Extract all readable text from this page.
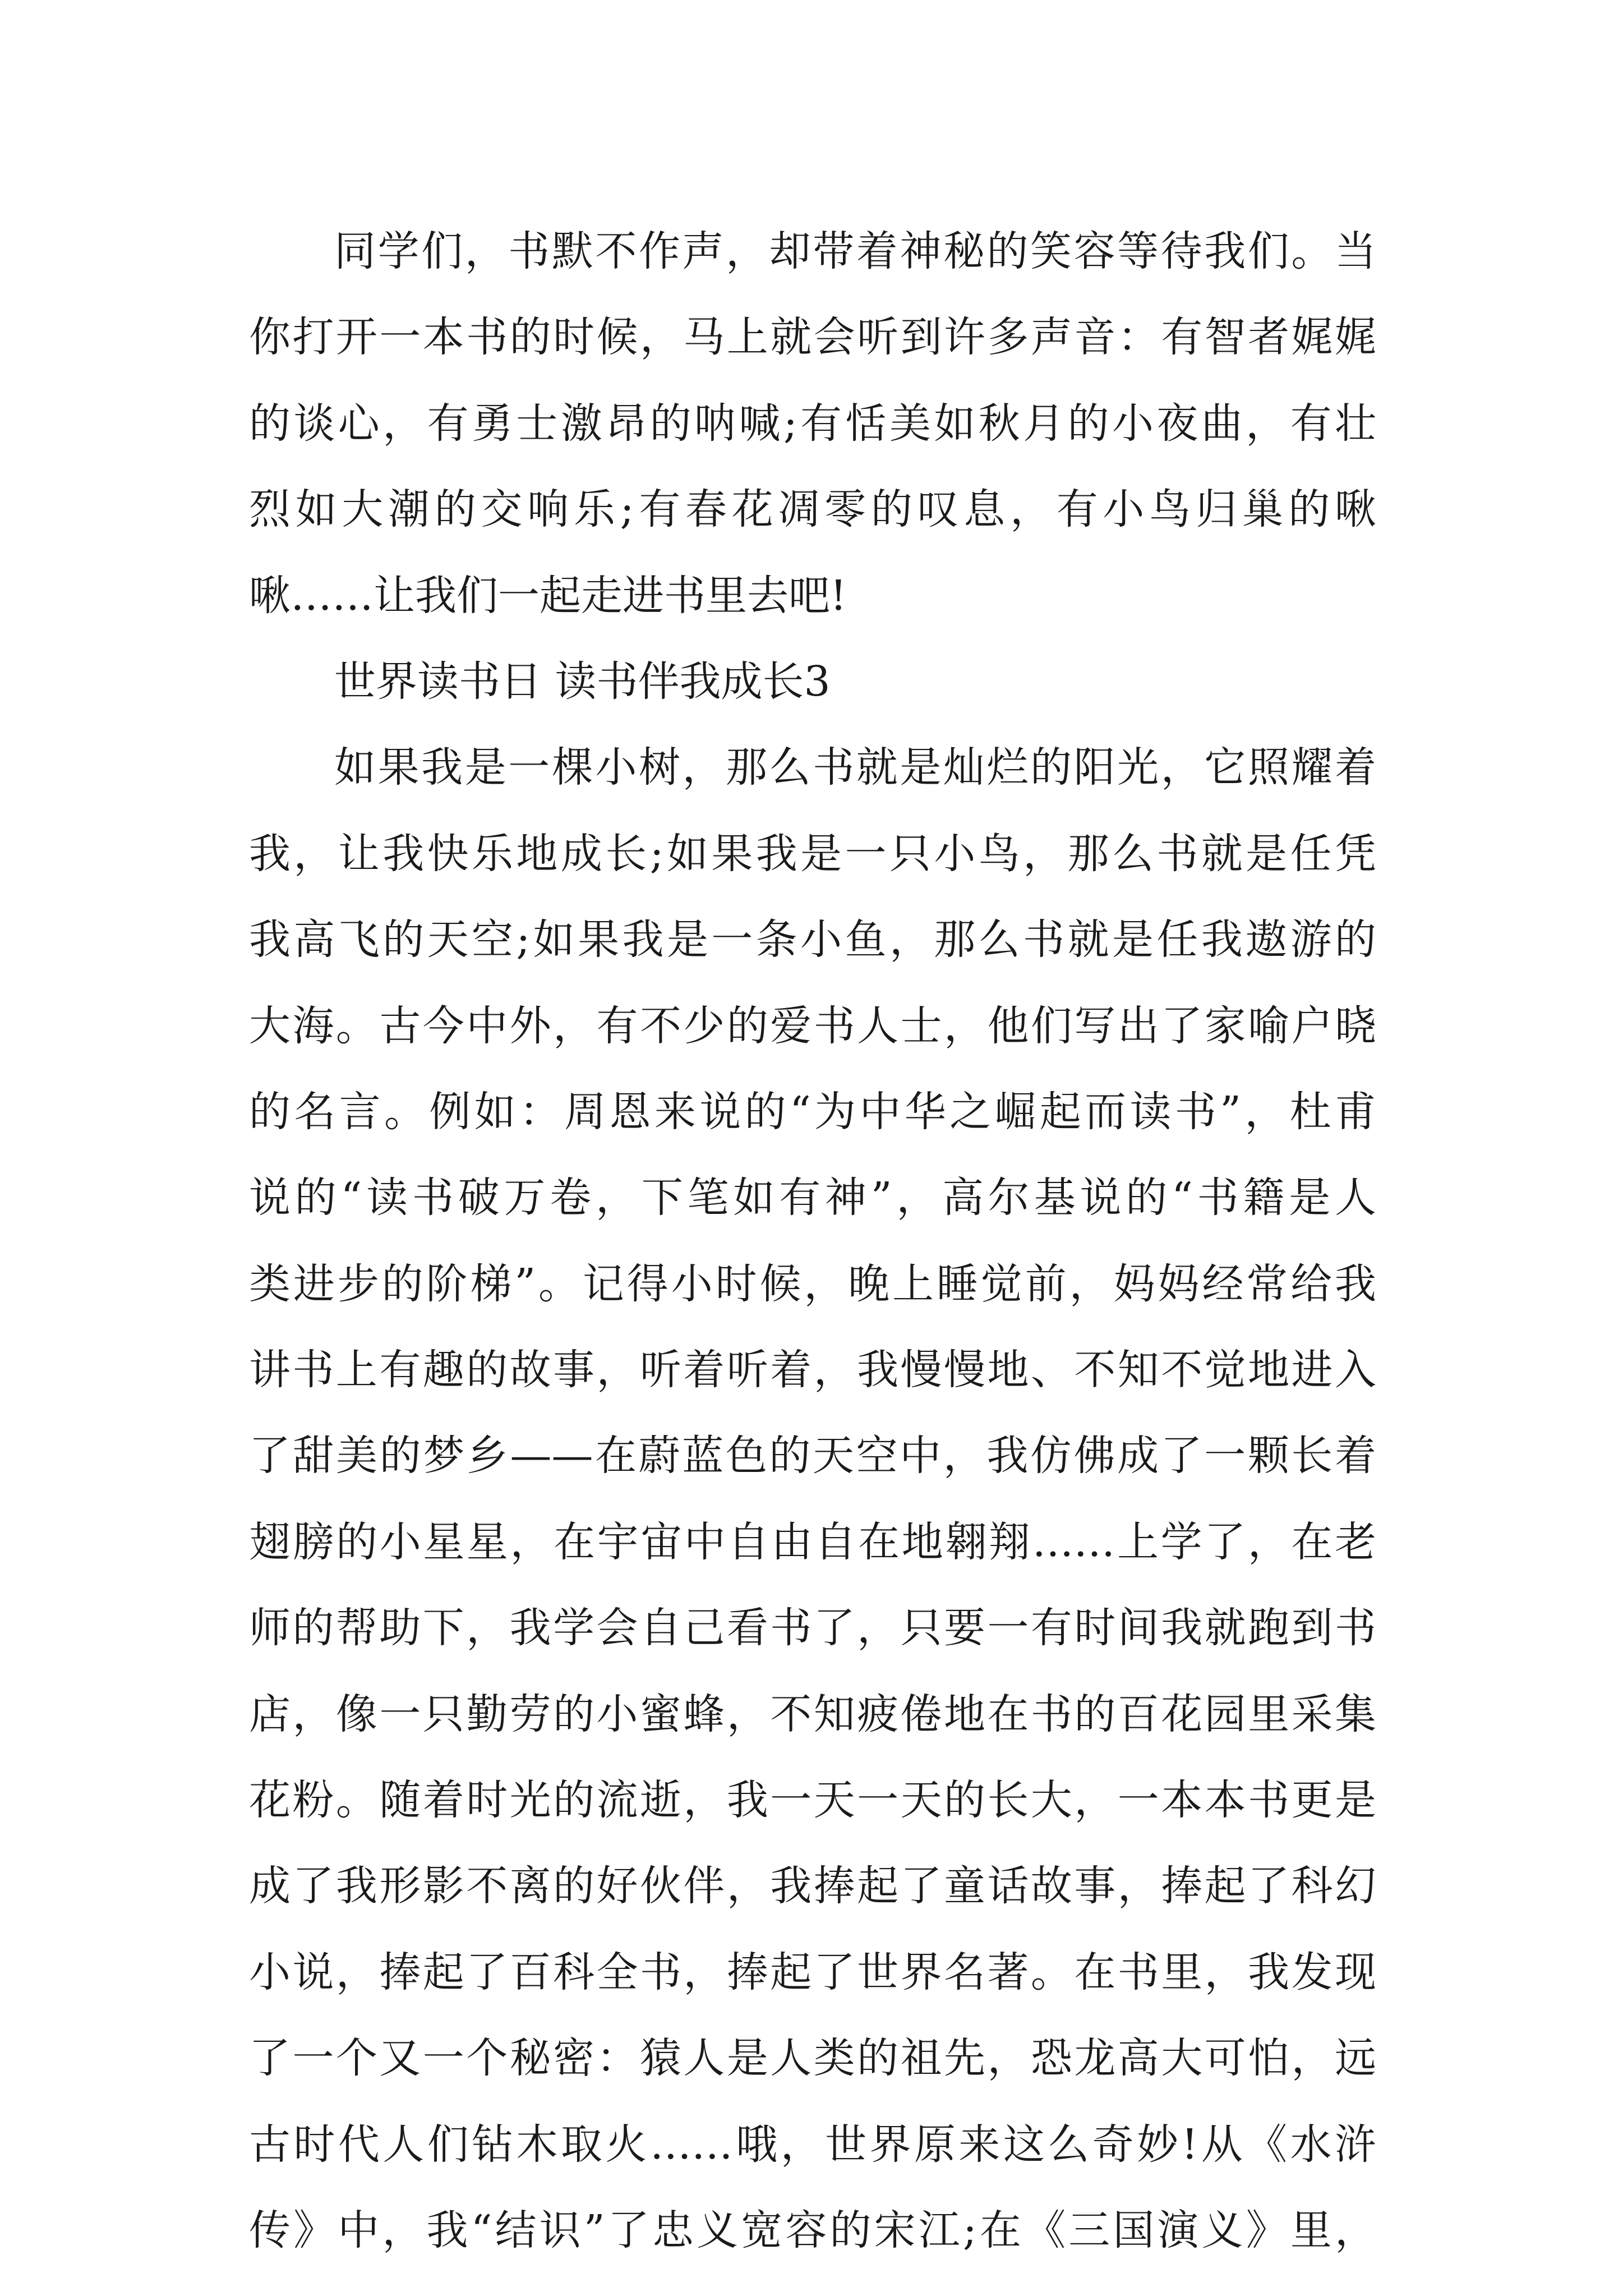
同学们，书默不作声，却带着神秘的笑容等待我们。当
你打开一本书的时候，马上就会听到许多声音：有智者娓娓
的谈心，有勇士激昂的呐喊;有恬美如秋月的小夜曲，有壮
烈如大潮的交响乐;有春花凋零的叹息，有小鸟归巢的啾
啾……让我们一起走进书里去吧!
世界读书日 读书伴我成长3
如果我是一棵小树，那么书就是灿烂的阳光，它照耀着
我，让我快乐地成长;如果我是一只小鸟，那么书就是任凭
我高飞的天空;如果我是一条小鱼，那么书就是任我遨游的
大海。古今中外，有不少的爱书人士，他们写出了家喻户晓
的名言。例如：周恩来说的“为中华之崛起而读书”，杜甫
说的“读书破万卷，下笔如有神”，高尔基说的“书籍是人
类进步的阶梯”。记得小时候，晚上睡觉前，妈妈经常给我
讲书上有趣的故事，听着听着，我慢慢地、不知不觉地进入
了甜美的梦乡——在蔚蓝色的天空中，我仿佛成了一颗长着
翅膀的小星星，在宇宙中自由自在地翱翔……上学了，在老
师的帮助下，我学会自己看书了，只要一有时间我就跑到书
店，像一只勤劳的小蜜蜂，不知疲倦地在书的百花园里采集
花粉。随着时光的流逝，我一天一天的长大，一本本书更是
成了我形影不离的好伙伴，我捧起了童话故事，捧起了科幻
小说，捧起了百科全书，捧起了世界名著。在书里，我发现
了一个又一个秘密：猿人是人类的祖先，恐龙高大可怕，远
古时代人们钻木取火……哦，世界原来这么奇妙!从《水浒
传》中，我“结识”了忠义宽容的宋江;在《三国演义》里，
